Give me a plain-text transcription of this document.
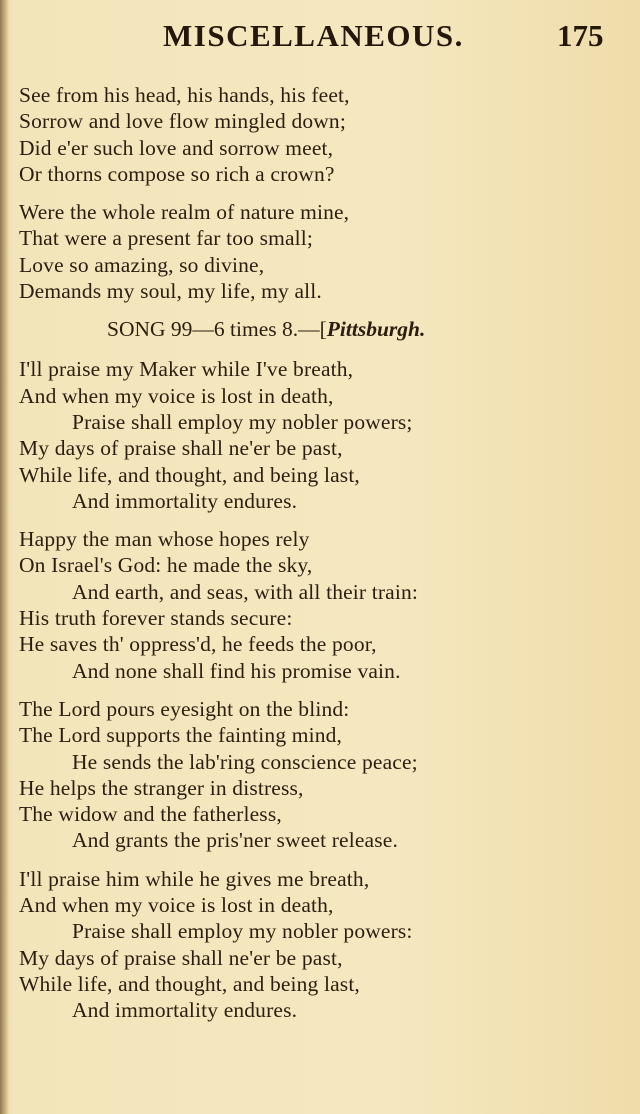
MISCELLANEOUS.	175
See from his head, his hands, his feet,
Sorrow and love flow mingled down;
Did e'er such love and sorrow meet,
Or thorns compose so rich a crown?
Were the whole realm of nature mine,
That were a present far too small;
Love so amazing, so divine,
Demands my soul, my life, my all.
SONG 99—6 times 8.—[Pittsburgh.
I'll praise my Maker while I've breath,
And when my voice is lost in death,
Praise shall employ my nobler powers;
My days of praise shall ne'er be past,
While life, and thought, and being last,
And immortality endures.
Happy the man whose hopes rely
On Israel's God: he made the sky,
And earth, and seas, with all their train:
His truth forever stands secure:
He saves th' oppress'd, he feeds the poor,
And none shall find his promise vain.
The Lord pours eyesight on the blind:
The Lord supports the fainting mind,
He sends the lab'ring conscience peace;
He helps the stranger in distress,
The widow and the fatherless,
And grants the pris'ner sweet release.
I'll praise him while he gives me breath,
And when my voice is lost in death,
Praise shall employ my nobler powers:
My days of praise shall ne'er be past,
While life, and thought, and being last,
And immortality endures.
